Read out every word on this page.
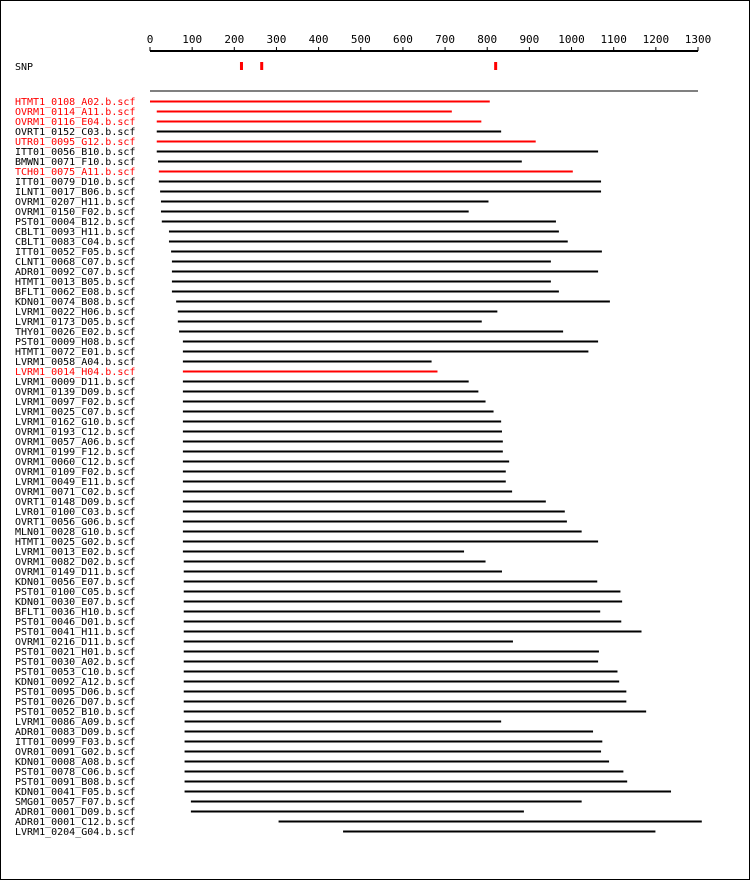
0	100 200 300 400 500 600 700 800 900 1000 1100 1200 1300
SNP
HTMT1_0108_A02.b.scf
OVRM1_0114_A11.b.scf
OVRM1_0116_E04.b.scf
OVRT1_0152_C03.b.scf
UTR01_0095_G12.b.scf
ITT01_0056_B10.b.scf
BMWN1_0071_F10.b.scf
TCH01_0075_A11.b.scf
ITT01_0079_D10.b.scf
ILNT1_0017_B06.b.scf
OVRM1_0207_H11.b.scf
OVRM1_0150_F02.b.scf
PST01_0004_B12.b.scf
CBLT1_0093_H11.b.scf
CBLT1_0083_C04.b.scf
ITT01_0052_F05.b.scf
CLNT1_0068_C07.b.scf
ADR01_0092_C07.b.scf
HTMT1_0013_B05.b.scf
BFLT1_0062_E08.b.scf
KDN01_0074_B08.b.scf
LVRM1_0022_H06.b.scf
LVRM1_0173_D05.b.scf
THY01_0026_E02.b.scf
PST01_0009_H08.b.scf
HTMT1_0072_E01.b.scf
LVRM1_0058_A04.b.scf
LVRM1_0014_H04.b.scf
LVRM1_0009_D11.b.scf
OVRM1_0139_D09.b.scf
LVRM1_0097_F02.b.scf
LVRM1_0025_C07.b.scf
LVRM1_0162_G10.b.scf
OVRM1_0193_C12.b.scf
OVRM1_0057_A06.b.scf
OVRM1_0199_F12.b.scf
OVRM1_0060_C12.b.scf
OVRM1_0109_F02.b.scf
LVRM1_0049_E11.b.scf
OVRM1_0071_C02.b.scf
OVRT1_0148_D09.b.scf
LVR01_0100_C03.b.scf
OVRT1_0056_G06.b.scf
MLN01_0028_G10.b.scf
HTMT1_0025_G02.b.scf
LVRM1_0013_E02.b.scf
OVRM1_0082_D02.b.scf
OVRM1_0149_D11.b.scf
KDN01_0056_E07.b.scf
PST01_0100_C05.b.scf
KDN01_0030_E07.b.scf
BFLT1_0036_H10.b.scf
PST01_0046_D01.b.scf
PST01_0041_H11.b.scf
OVRM1_0216_D11.b.scf
PST01_0021_H01.b.scf
PST01_0030_A02.b.scf
PST01_0053_C10.b.scf
KDN01_0092_A12.b.scf
PST01_0095_D06.b.scf
PST01_0026_D07.b.scf
PST01_0052_B10.b.scf
LVRM1_0086_A09.b.scf
ADR01_0083_D09.b.scf
ITT01_0099_F03.b.scf
OVR01_0091_G02.b.scf
KDN01_0008_A08.b.scf
PST01_0078_C06.b.scf
PST01_0091_B08.b.scf
KDN01_0041_F05.b.scf
SMG01_0057_F07.b.scf
ADR01_0001_D09.b.scf
ADR01_0001_C12.b.scf
LVRM1_0204_G04.b.scf
